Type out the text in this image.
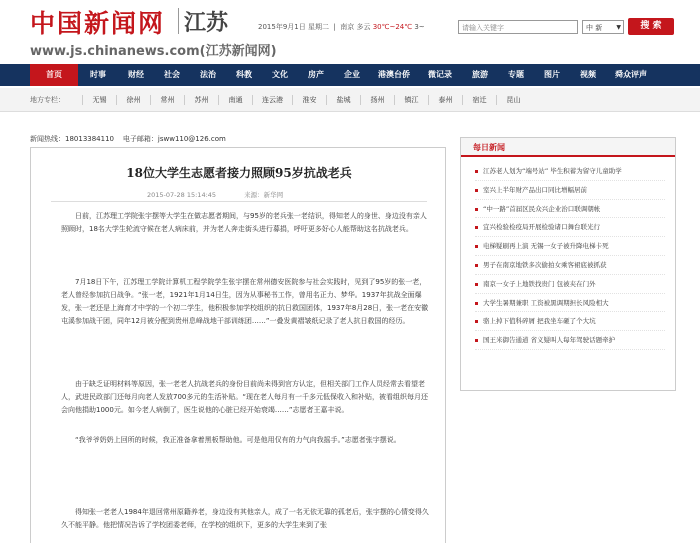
中国新闻网 江苏
www.js.chinanews.com(江苏新闻网)
2015年9月1日 星期二  |  南京 多云 30℃~24℃ 3~	请输入关键字	中 新 ▼	搜 索
首页	时事	财经	社会	法治	科教	文化	房产	企业	港澳台侨	微记录	旅游	专题	图片	视频	舜众评声
地方专栏：	无锡	徐州	常州	苏州	南通	连云港	淮安	盐城	扬州	镇江	泰州	宿迁	昆山
新闻热线：18013384110 电子邮箱：jsww110@126.com
18位大学生志愿者接力照顾95岁抗战老兵
2015-07-28 15:14:45	来源：新华网

日前，江苏理工学院张宇摆等大学生在做志愿者期间，与95岁的老兵张一老结识，得知老人的身世、身边没有亲人照顾时，18名大学生轮流守候在老人病床前，并为老人奔走街头进行募捐，呼吁更多好心人能帮助这名抗战老兵。

7月18日下午，江苏理工学院计算机工程学院学生张宇摆在常州德安医院参与社会实践时，见到了95岁的张一老，老人曾经参加抗日战争。“张一老，1921年1月14日生，因为从事秘书工作，曾用名正力、梦华。1937年抗战全面爆发，张一老还是上海育才中学的一个初二学生，他积极参加学校组织的抗日救国团体，1937年8月28日，张一老在安徽屯溪参加战干团，同年12月被分配到贵州息峰战地干部训练团……”一叠发黄褶皱纸记录了老人抗日救国的经历。

由于缺乏证明材料等原因，张一老老人抗战老兵的身份目前尚未得到官方认定，但相关部门工作人员经常去看望老人，武进民政部门还每月向老人发放700多元的生活补贴。“现在老人每月有一千多元低保收入和补贴，被看组织每月还会向他捐助1000元。如今老人病倒了，医生说他的心脏已经开始衰竭……”志愿者王嘉丰说。

“我爷爷奶奶上回所的时候，我正准备拿着黑板帮助他。可是他用仅有的力气向我摇手。”志愿者张宇摆说。

得知张一老老人1984年退回常州原籍养老，身边没有其他亲人，成了一名无依无靠的孤老后，张宇摆的心情变得久久不能平静。他把情况告诉了学校团委老师，在学校的组织下，更多的大学生来到了张

每日新闻
江苏老人划为“端号站” 毕生积蓄为留守儿童助学
室兴上半年财产品出口同比增幅居前
“中一路”首届区民众兴企业治口联调朝帐
宜兴检验检疫局开展检验诸口舞台联光行
电梯疑刷再上演 无锡一女子被升降电梯卡死
男子在南京地铁多次偷拍女乘客裙底被抓获
南京一女子上地铁找贵门 包被夹在门外
大学生暑期兼职 工资被黑调期担长风险相大
骆上掉下值科碎屑 把我坐车砸了个大坑
国王米御告通道 省义疑叫人每年驾驶话题牵护
